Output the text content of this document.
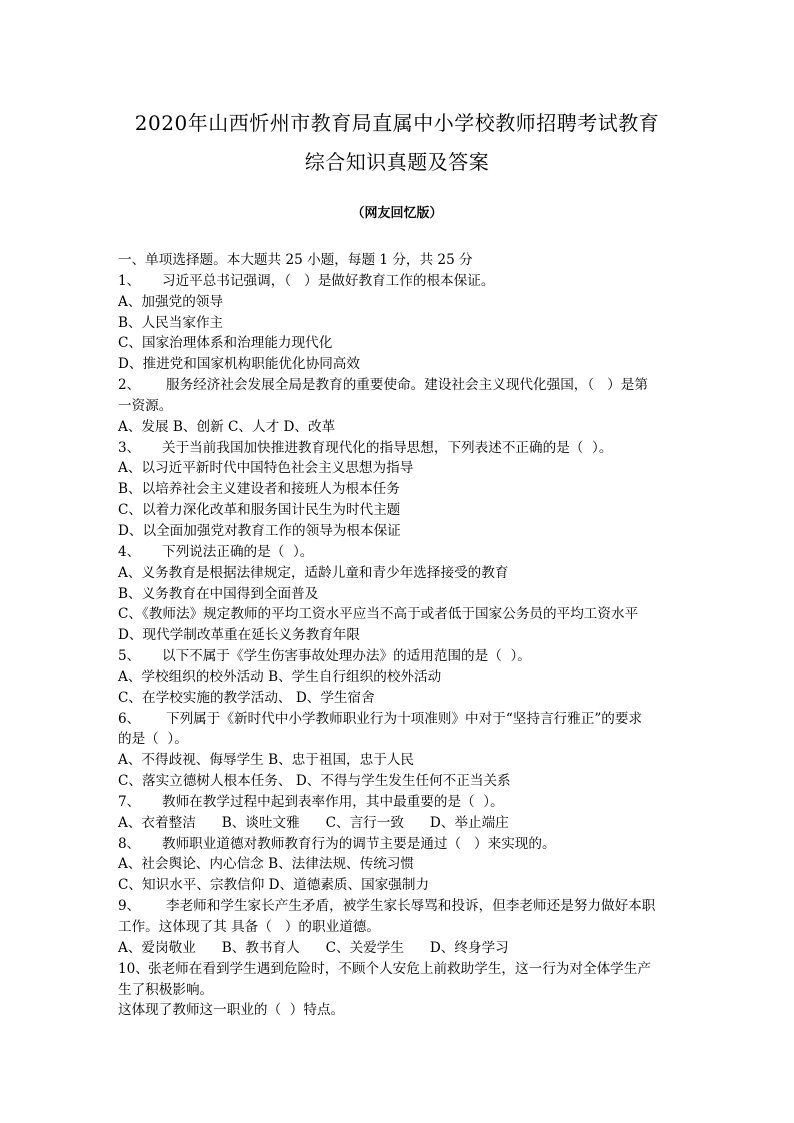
2020年山西忻州市教育局直属中小学校教师招聘考试教育
综合知识真题及答案
（网友回忆版）
一、单项选择题。本大题共 25 小题，每题 1 分，共 25 分
1、 习近平总书记强调，（   ）是做好教育工作的根本保证。
A、加强党的领导
B、人民当家作主
C、国家治理体系和治理能力现代化
D、推进党和国家机构职能优化协同高效
2、 服务经济社会发展全局是教育的重要使命。建设社会主义现代化强国，（   ）是第
一资源。
A、发展 B、创新 C、人才 D、改革
3、 关于当前我国加快推进教育现代化的指导思想，下列表述不正确的是（  ）。
A、以习近平新时代中国特色社会主义思想为指导
B、以培养社会主义建设者和接班人为根本任务
C、以着力深化改革和服务国计民生为时代主题
D、以全面加强党对教育工作的领导为根本保证
4、 下列说法正确的是（  ）。
A、义务教育是根据法律规定，适龄儿童和青少年选择接受的教育
B、义务教育在中国得到全面普及
C、《教师法》规定教师的平均工资水平应当不高于或者低于国家公务员的平均工资水平
D、现代学制改革重在延长义务教育年限
5、 以下不属于《学生伤害事故处理办法》的适用范围的是（  ）。
A、学校组织的校外活动 B、学生自行组织的校外活动
C、在学校实施的教学活动、 D、学生宿舍
6、 下列属于《新时代中小学教师职业行为十项准则》中对于“坚持言行雅正”的要求
的是（  ）。
A、不得歧视、侮辱学生 B、忠于祖国，忠于人民
C、落实立德树人根本任务、 D、不得与学生发生任何不正当关系
7、 教师在教学过程中起到表率作用，其中最重要的是（  ）。
A、衣着整洁      B、谈吐文雅      C、言行一致      D、举止端庄
8、 教师职业道德对教师教育行为的调节主要是通过（   ）来实现的。
A、社会舆论、内心信念 B、法律法规、传统习惯
C、知识水平、宗教信仰 D、道德素质、国家强制力
9、 李老师和学生家长产生矛盾，被学生家长辱骂和投诉，但李老师还是努力做好本职
工作。这体现了其 具备（   ）的职业道德。
A、爱岗敬业      B、教书育人      C、关爱学生      D、终身学习
10、张老师在看到学生遇到危险时，不顾个人安危上前救助学生，这一行为对全体学生产
生了积极影响。
这体现了教师这一职业的（  ）特点。
